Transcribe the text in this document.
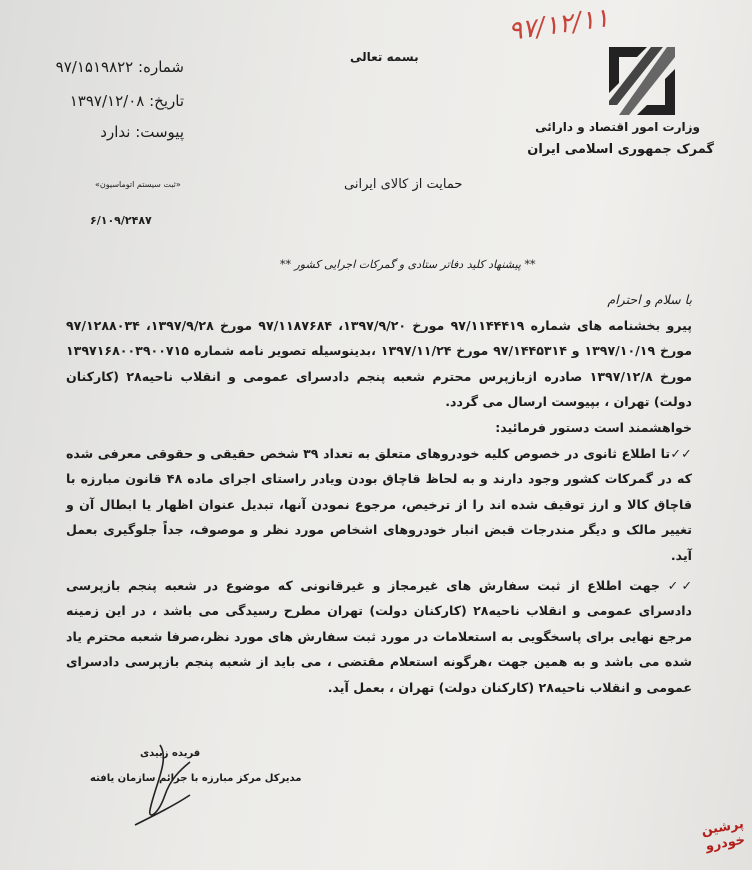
۹۷/۱۲/۱۱
وزارت امور اقتصاد و دارائی
گمرک جمهوری اسلامی ایران
بسمه تعالی
شماره: ۹۷/۱۵۱۹۸۲۲
تاریخ: ۱۳۹۷/۱۲/۰۸
پیوست: ندارد
«ثبت سیستم اتوماسیون»
۶/۱۰۹/۲۴۸۷
حمایت از کالای ایرانی
** پیشنهاد کلید دفاتر ستادی و گمرکات اجرایی کشور **

با سلام و احترام

پیرو بخشنامه های شماره ۹۷/۱۱۴۴۴۱۹ مورخ ۱۳۹۷/۹/۲۰، ۹۷/۱۱۸۷۶۸۴ مورخ ۱۳۹۷/۹/۲۸، ۹۷/۱۲۸۸۰۳۴ مورخ ۱۳۹۷/۱۰/۱۹ و ۹۷/۱۴۴۵۳۱۴ مورخ ۱۳۹۷/۱۱/۲۴ ،بدینوسیله تصویر نامه شماره ۱۳۹۷۱۶۸۰۰۳۹۰۰۷۱۵ مورخ ۱۳۹۷/۱۲/۸ صادره ازبازپرس محترم شعبه پنجم دادسرای عمومی و انقلاب ناحیه۲۸ (کارکنان دولت) تهران ، بپیوست ارسال می گردد.

خواهشمند است دستور فرمائید:

✓✓تا اطلاع ثانوی در خصوص کلیه خودروهای متعلق به تعداد ۳۹ شخص حقیقی و حقوقی معرفی شده که در گمرکات کشور وجود دارند و به لحاظ قاچاق بودن ویادر راستای اجرای ماده ۴۸ قانون مبارزه با قاچاق کالا و ارز توقیف شده اند را از ترخیص، مرجوع نمودن آنها، تبدیل عنوان اظهار یا ابطال آن و تغییر مالک و دیگر مندرجات قبض انبار خودروهای اشخاص مورد نظر و موصوف، جداً جلوگیری بعمل آید.

✓✓ جهت اطلاع از ثبت سفارش های غیرمجاز و غیرقانونی که موضوع در شعبه پنجم بازپرسی دادسرای عمومی و انقلاب ناحیه۲۸ (کارکنان دولت) تهران مطرح رسیدگی می باشد ، در این زمینه مرجع نهایی برای پاسخگویی به استعلامات در مورد ثبت سفارش های مورد نظر،صرفا شعبه محترم یاد شده می باشد و به همین جهت ،هرگونه استعلام مقتضی ، می باید از شعبه پنجم بازپرسی دادسرای عمومی و انقلاب ناحیه۲۸ (کارکنان دولت) تهران ، بعمل آید.

فریده زبیدی
مدیرکل مرکز مبارزه با جرائم سازمان یافته
پرشین خودرو
